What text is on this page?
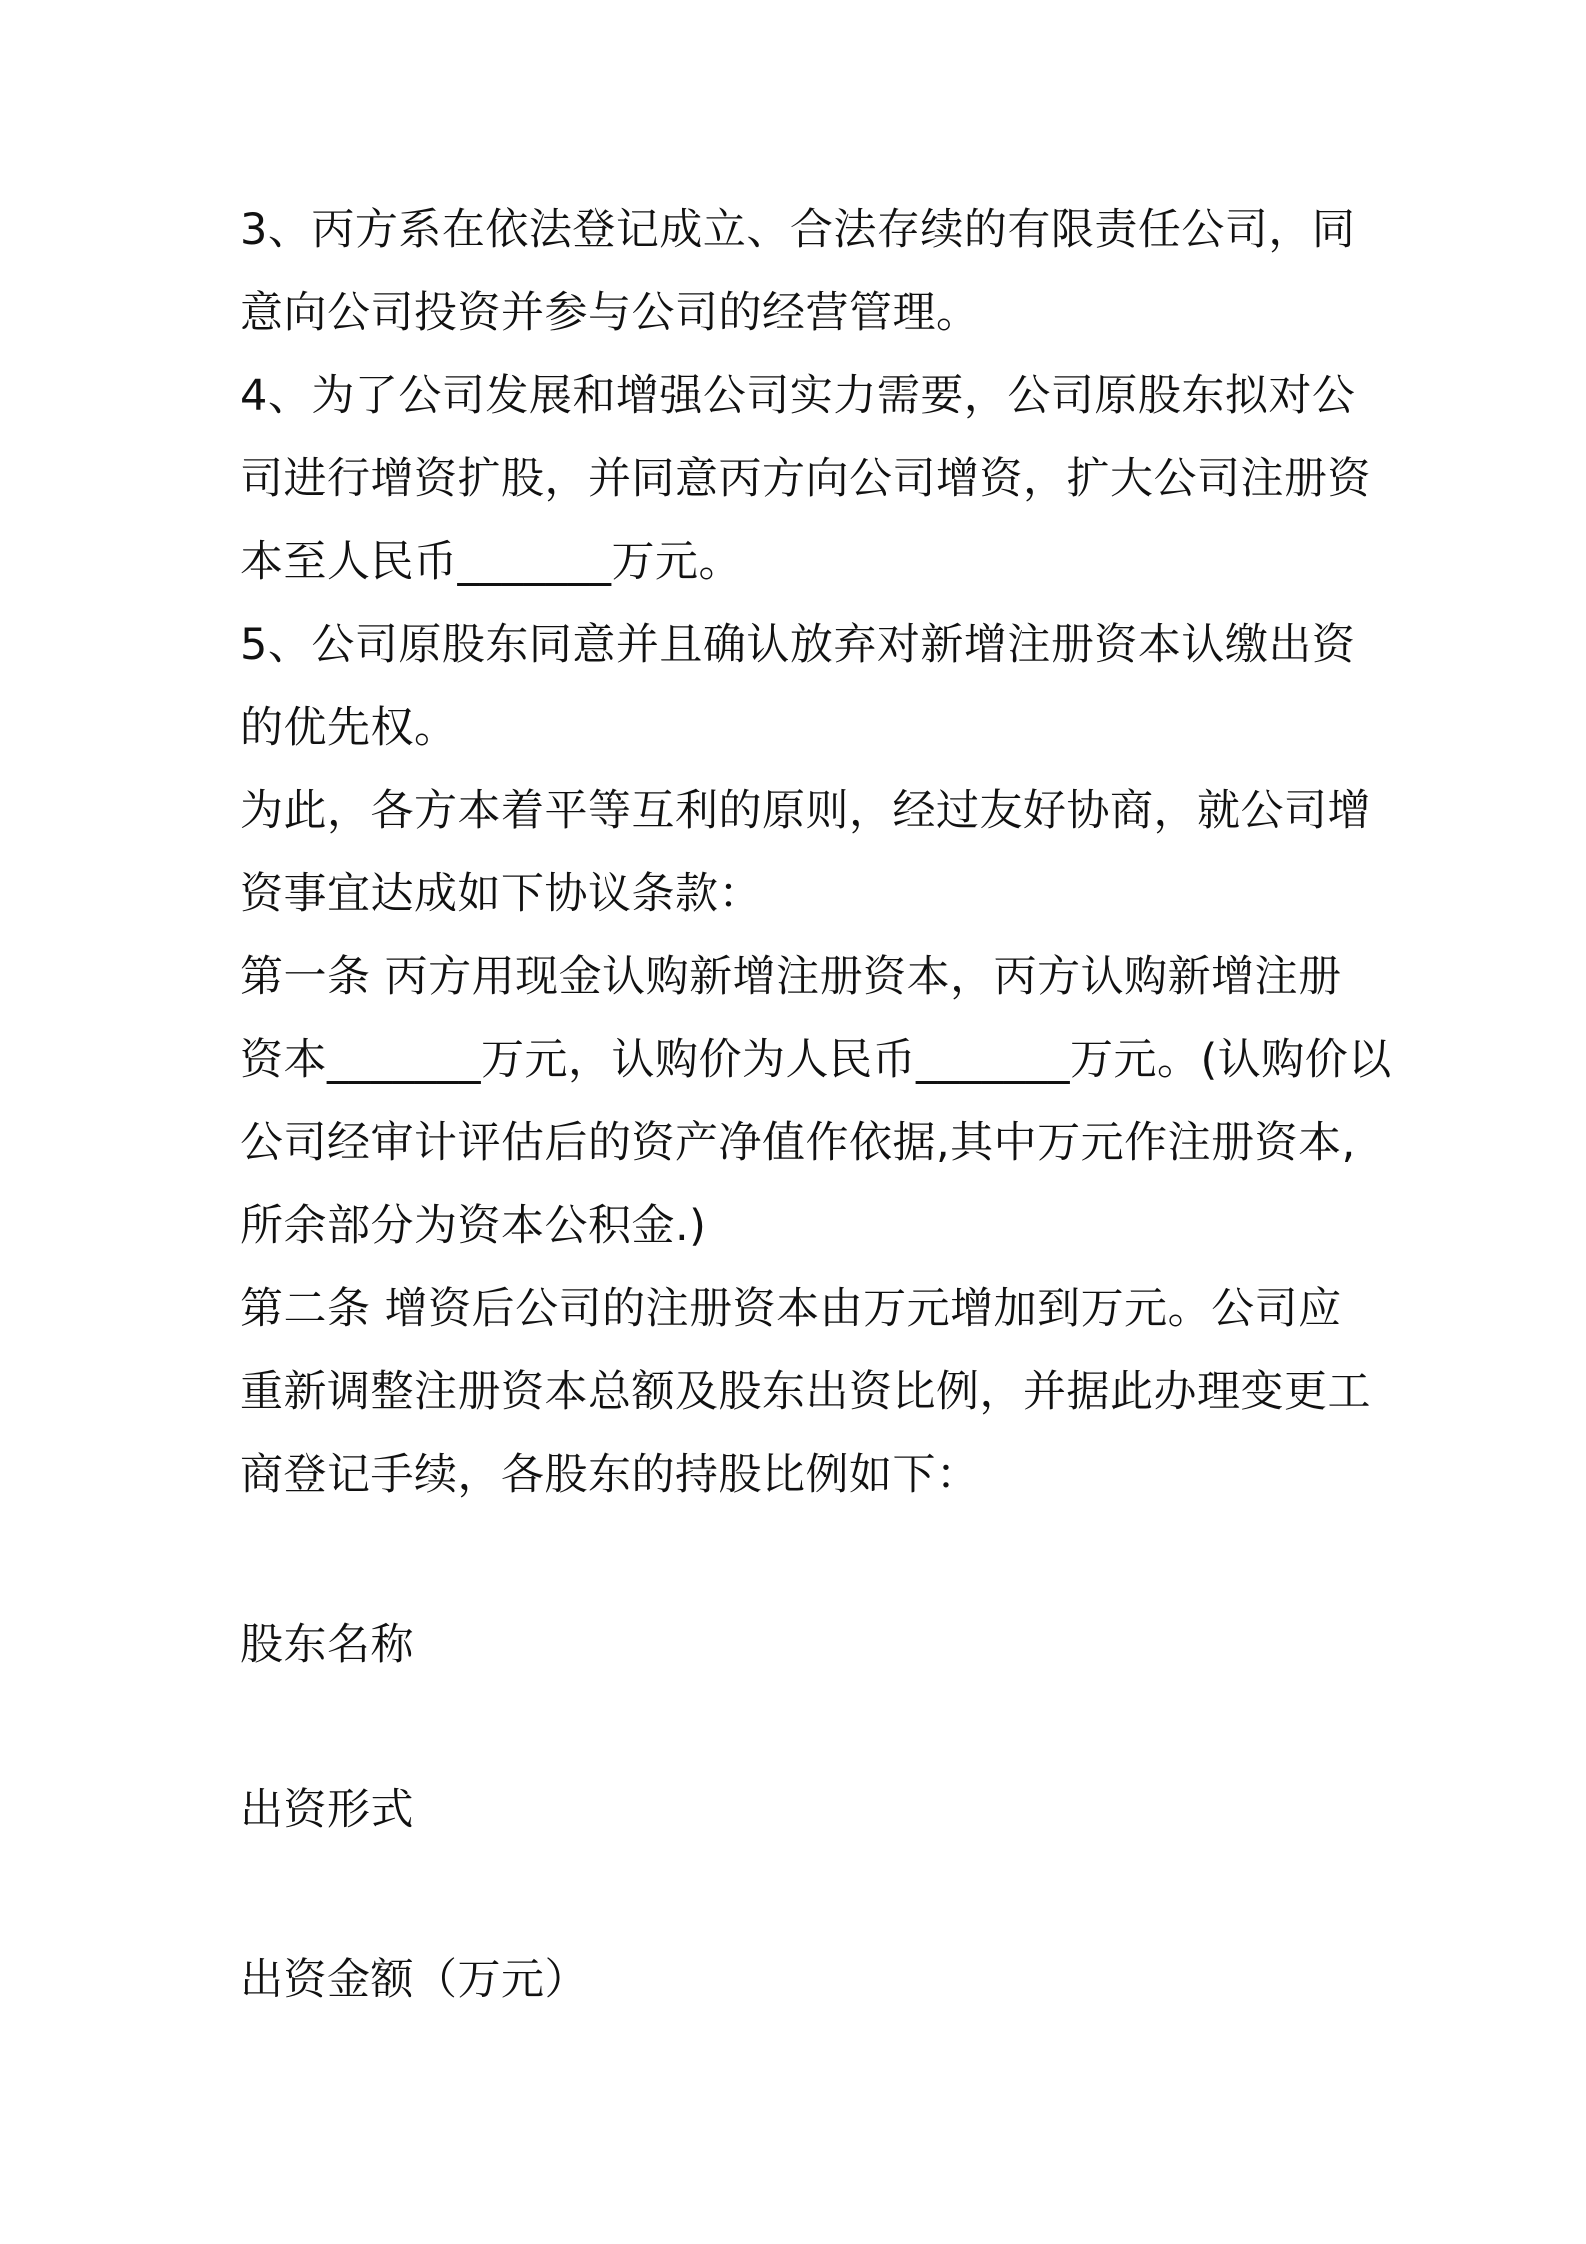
3、丙方系在依法登记成立、合法存续的有限责任公司，同
意向公司投资并参与公司的经营管理。
4、为了公司发展和增强公司实力需要，公司原股东拟对公
司进行增资扩股，并同意丙方向公司增资，扩大公司注册资
本至人民币_______万元。
5、公司原股东同意并且确认放弃对新增注册资本认缴出资
的优先权。
为此，各方本着平等互利的原则，经过友好协商，就公司增
资事宜达成如下协议条款：
第一条 丙方用现金认购新增注册资本，丙方认购新增注册
资本_______万元，认购价为人民币_______万元。(认购价以
公司经审计评估后的资产净值作依据,其中万元作注册资本,
所余部分为资本公积金.)
第二条 增资后公司的注册资本由万元增加到万元。公司应
重新调整注册资本总额及股东出资比例，并据此办理变更工
商登记手续，各股东的持股比例如下：
股东名称
出资形式
出资金额（万元）
